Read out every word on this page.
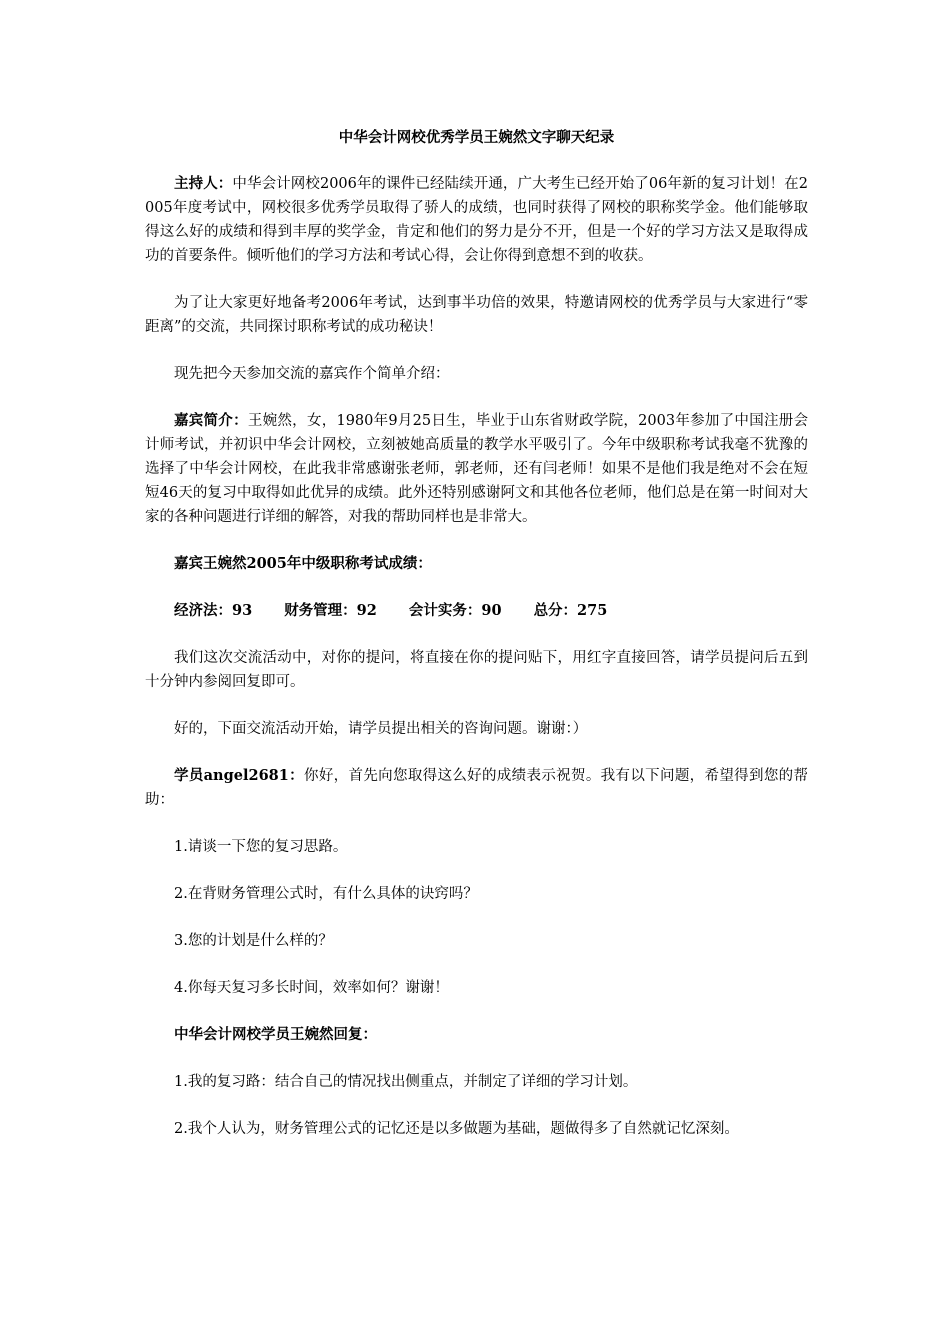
中华会计网校优秀学员王婉然文字聊天纪录

主持人：中华会计网校2006年的课件已经陆续开通，广大考生已经开始了06年新的复习计划！在2005年度考试中，网校很多优秀学员取得了骄人的成绩，也同时获得了网校的职称奖学金。他们能够取得这么好的成绩和得到丰厚的奖学金，肯定和他们的努力是分不开，但是一个好的学习方法又是取得成功的首要条件。倾听他们的学习方法和考试心得，会让你得到意想不到的收获。

为了让大家更好地备考2006年考试，达到事半功倍的效果，特邀请网校的优秀学员与大家进行“零距离”的交流，共同探讨职称考试的成功秘诀！

现先把今天参加交流的嘉宾作个简单介绍：

嘉宾简介：王婉然，女，1980年9月25日生，毕业于山东省财政学院，2003年参加了中国注册会计师考试，并初识中华会计网校，立刻被她高质量的教学水平吸引了。今年中级职称考试我毫不犹豫的选择了中华会计网校，在此我非常感谢张老师，郭老师，还有闫老师！如果不是他们我是绝对不会在短短46天的复习中取得如此优异的成绩。此外还特别感谢阿文和其他各位老师，他们总是在第一时间对大家的各种问题进行详细的解答，对我的帮助同样也是非常大。

嘉宾王婉然2005年中级职称考试成绩：
经济法：93 财务管理：92 会计实务：90 总分：275

我们这次交流活动中，对你的提问，将直接在你的提问贴下，用红字直接回答，请学员提问后五到十分钟内参阅回复即可。

好的，下面交流活动开始，请学员提出相关的咨询问题。谢谢：）

学员angel2681：你好，首先向您取得这么好的成绩表示祝贺。我有以下问题，希望得到您的帮助：

1.请谈一下您的复习思路。
2.在背财务管理公式时，有什么具体的诀窍吗？
3.您的计划是什么样的？
4.你每天复习多长时间，效率如何？谢谢！
中华会计网校学员王婉然回复：
1.我的复习路：结合自己的情况找出侧重点，并制定了详细的学习计划。
2.我个人认为，财务管理公式的记忆还是以多做题为基础，题做得多了自然就记忆深刻。
